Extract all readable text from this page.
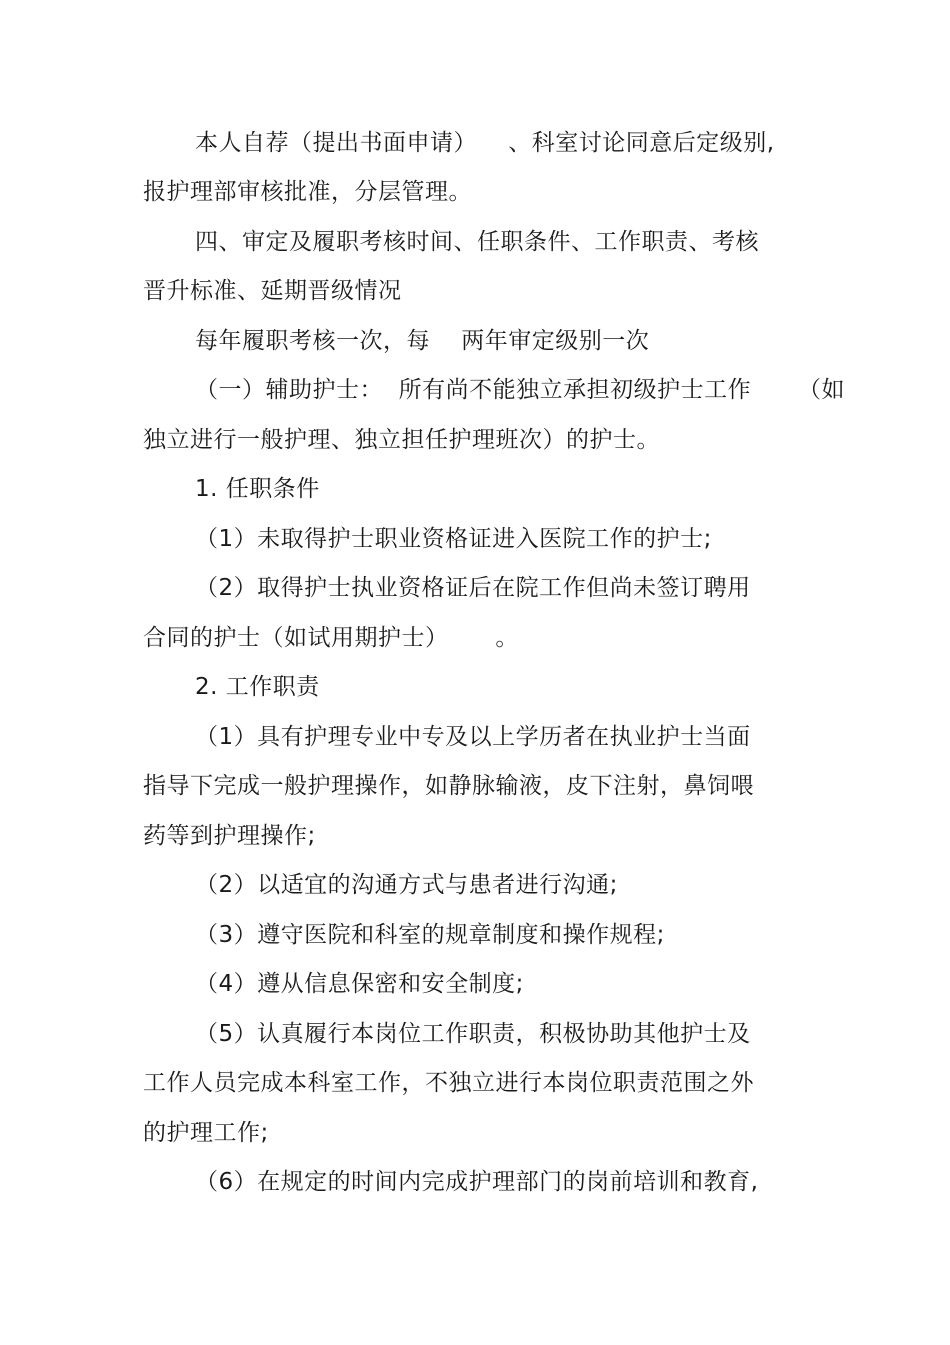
本人自荐（提出书面申请）    、科室讨论同意后定级别,
报护理部审核批准，分层管理。
四、审定及履职考核时间、任职条件、工作职责、考核
晋升标准、延期晋级情况
每年履职考核一次，每    两年审定级别一次
（一）辅助护士：  所有尚不能独立承担初级护士工作      （如
独立进行一般护理、独立担任护理班次）的护士。
1. 任职条件
（1）未取得护士职业资格证进入医院工作的护士;
（2）取得护士执业资格证后在院工作但尚未签订聘用
合同的护士（如试用期护士）      。
2. 工作职责
（1）具有护理专业中专及以上学历者在执业护士当面
指导下完成一般护理操作，如静脉输液，皮下注射，鼻饲喂
药等到护理操作;
（2）以适宜的沟通方式与患者进行沟通;
（3）遵守医院和科室的规章制度和操作规程;
（4）遵从信息保密和安全制度;
（5）认真履行本岗位工作职责，积极协助其他护士及
工作人员完成本科室工作，不独立进行本岗位职责范围之外
的护理工作;
（6）在规定的时间内完成护理部门的岗前培训和教育,
